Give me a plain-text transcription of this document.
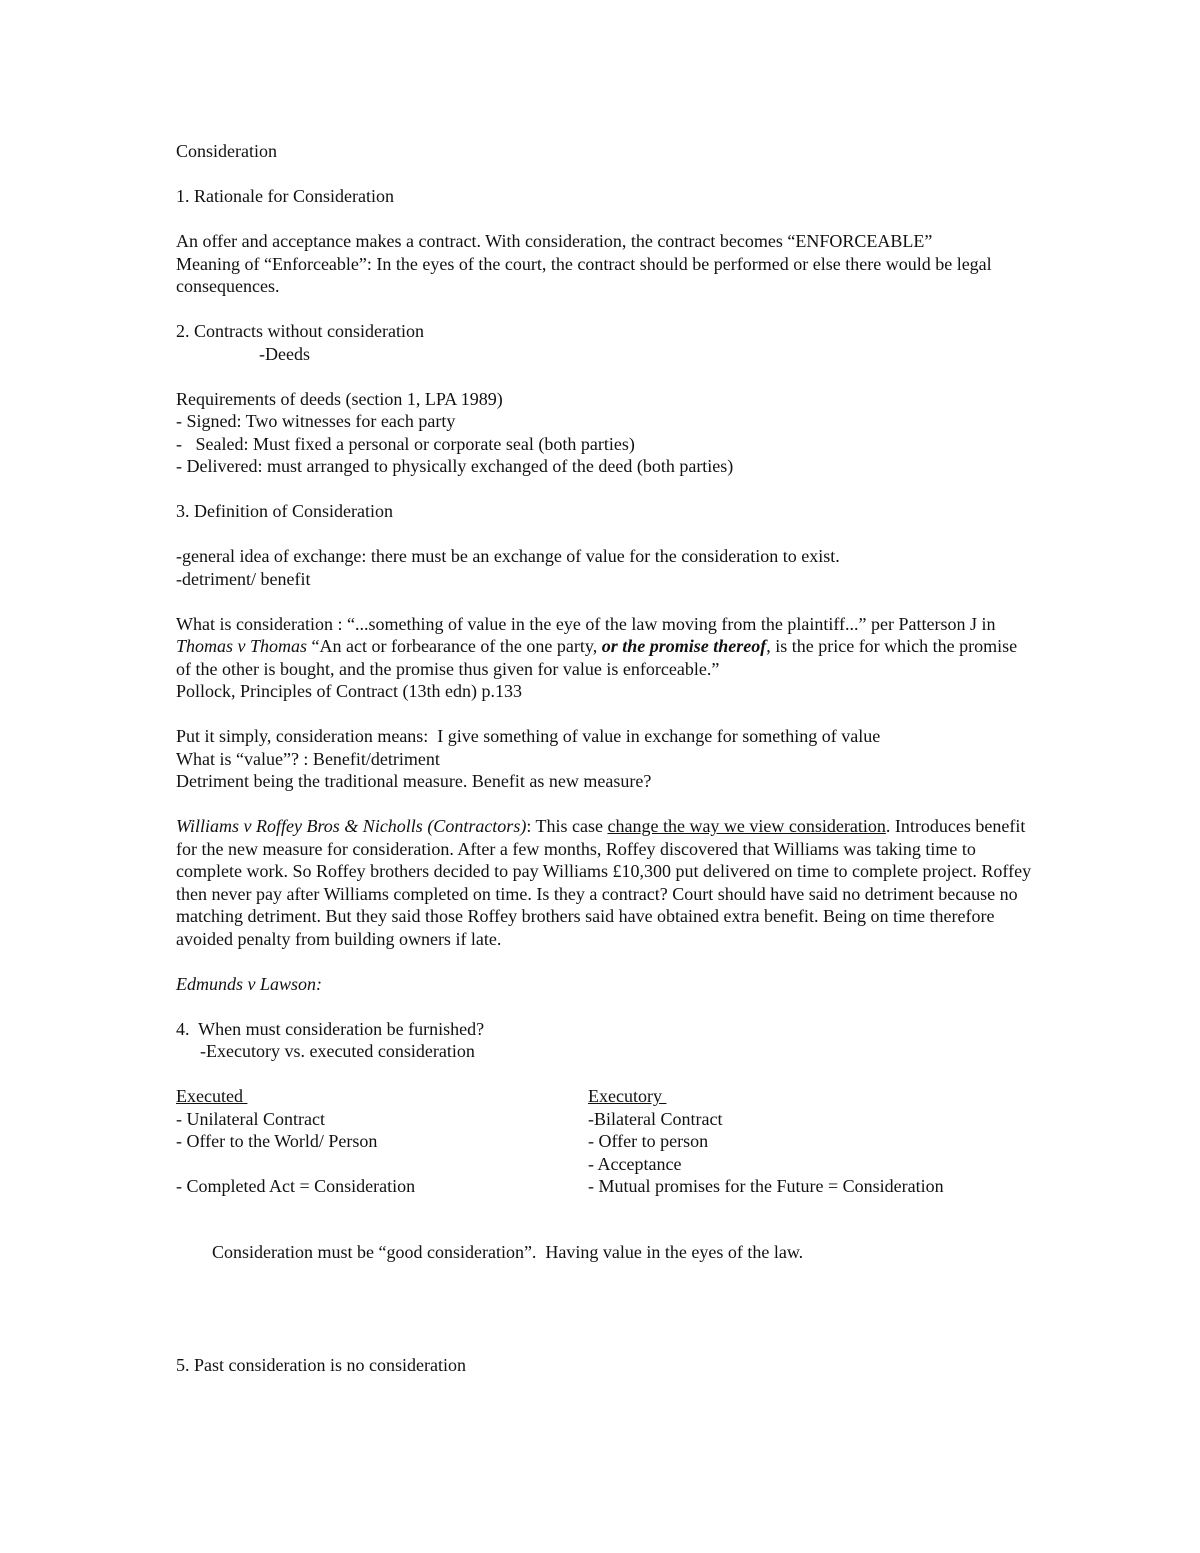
Consideration
1. Rationale for Consideration
An offer and acceptance makes a contract. With consideration, the contract becomes “ENFORCEABLE”
Meaning of “Enforceable”: In the eyes of the court, the contract should be performed or else there would be legal consequences.
2. Contracts without consideration
-Deeds
Requirements of deeds (section 1, LPA 1989)
- Signed: Two witnesses for each party
-   Sealed: Must fixed a personal or corporate seal (both parties)
- Delivered: must arranged to physically exchanged of the deed (both parties)
3. Definition of Consideration
-general idea of exchange: there must be an exchange of value for the consideration to exist.
-detriment/ benefit
What is consideration : “...something of value in the eye of the law moving from the plaintiff...” per Patterson J in Thomas v Thomas “An act or forbearance of the one party, or the promise thereof, is the price for which the promise of the other is bought, and the promise thus given for value is enforceable.”
Pollock, Principles of Contract (13th edn) p.133
Put it simply, consideration means:  I give something of value in exchange for something of value
What is “value”? : Benefit/detriment
Detriment being the traditional measure. Benefit as new measure?
Williams v Roffey Bros & Nicholls (Contractors): This case change the way we view consideration. Introduces benefit for the new measure for consideration. After a few months, Roffey discovered that Williams was taking time to complete work. So Roffey brothers decided to pay Williams £10,300 put delivered on time to complete project. Roffey then never pay after Williams completed on time. Is they a contract? Court should have said no detriment because no matching detriment. But they said those Roffey brothers said have obtained extra benefit. Being on time therefore avoided penalty from building owners if late.
Edmunds v Lawson:
4.  When must consideration be furnished?
-Executory vs. executed consideration
Executed
- Unilateral Contract
- Offer to the World/ Person
- Completed Act = Consideration
Executory
-Bilateral Contract
- Offer to person
- Acceptance
- Mutual promises for the Future = Consideration
Consideration must be “good consideration”.  Having value in the eyes of the law.
5. Past consideration is no consideration
